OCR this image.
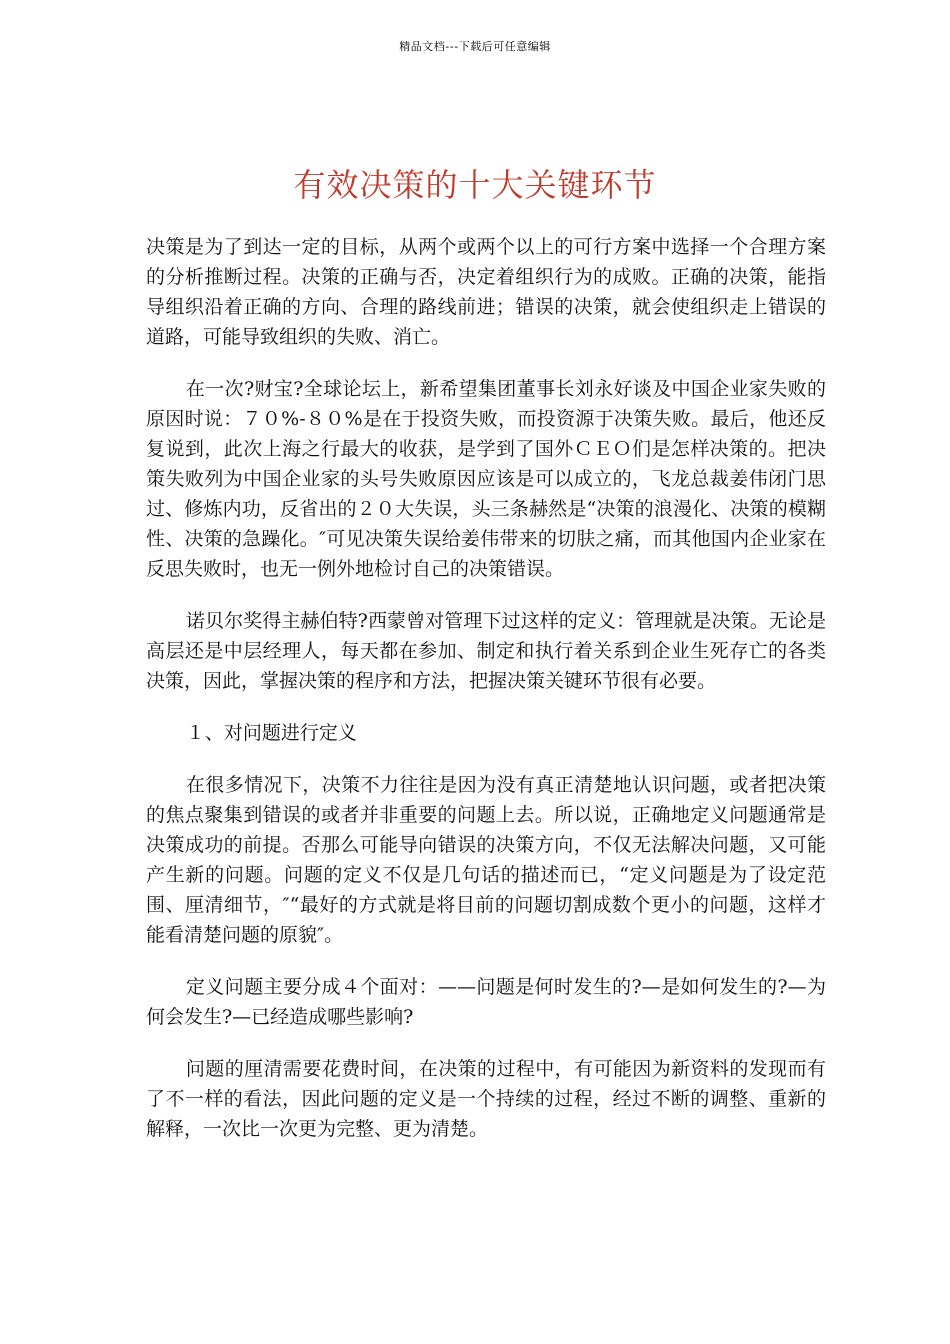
精品文档---下载后可任意编辑
有效决策的十大关键环节

决策是为了到达一定的目标，从两个或两个以上的可行方案中选择一个合理方案的分析推断过程。决策的正确与否，决定着组织行为的成败。正确的决策，能指导组织沿着正确的方向、合理的路线前进；错误的决策，就会使组织走上错误的道路，可能导致组织的失败、消亡。

在一次?财宝?全球论坛上，新希望集团董事长刘永好谈及中国企业家失败的原因时说：７０%-８０%是在于投资失败，而投资源于决策失败。最后，他还反复说到，此次上海之行最大的收获，是学到了国外ＣＥＯ们是怎样决策的。把决策失败列为中国企业家的头号失败原因应该是可以成立的，飞龙总裁姜伟闭门思过、修炼内功，反省出的２０大失误，头三条赫然是“决策的浪漫化、决策的模糊性、决策的急躁化。″可见决策失误给姜伟带来的切肤之痛，而其他国内企业家在反思失败时，也无一例外地检讨自己的决策错误。

诺贝尔奖得主赫伯特?西蒙曾对管理下过这样的定义：管理就是决策。无论是高层还是中层经理人，每天都在参加、制定和执行着关系到企业生死存亡的各类决策，因此，掌握决策的程序和方法，把握决策关键环节很有必要。

１、对问题进行定义

在很多情况下，决策不力往往是因为没有真正清楚地认识问题，或者把决策的焦点聚集到错误的或者并非重要的问题上去。所以说，正确地定义问题通常是决策成功的前提。否那么可能导向错误的决策方向，不仅无法解决问题，又可能产生新的问题。问题的定义不仅是几句话的描述而已，“定义问题是为了设定范围、厘清细节，″“最好的方式就是将目前的问题切割成数个更小的问题，这样才能看清楚问题的原貌″。

定义问题主要分成４个面对：——问题是何时发生的?—是如何发生的?—为何会发生?—已经造成哪些影响?

问题的厘清需要花费时间，在决策的过程中，有可能因为新资料的发现而有了不一样的看法，因此问题的定义是一个持续的过程，经过不断的调整、重新的解释，一次比一次更为完整、更为清楚。
